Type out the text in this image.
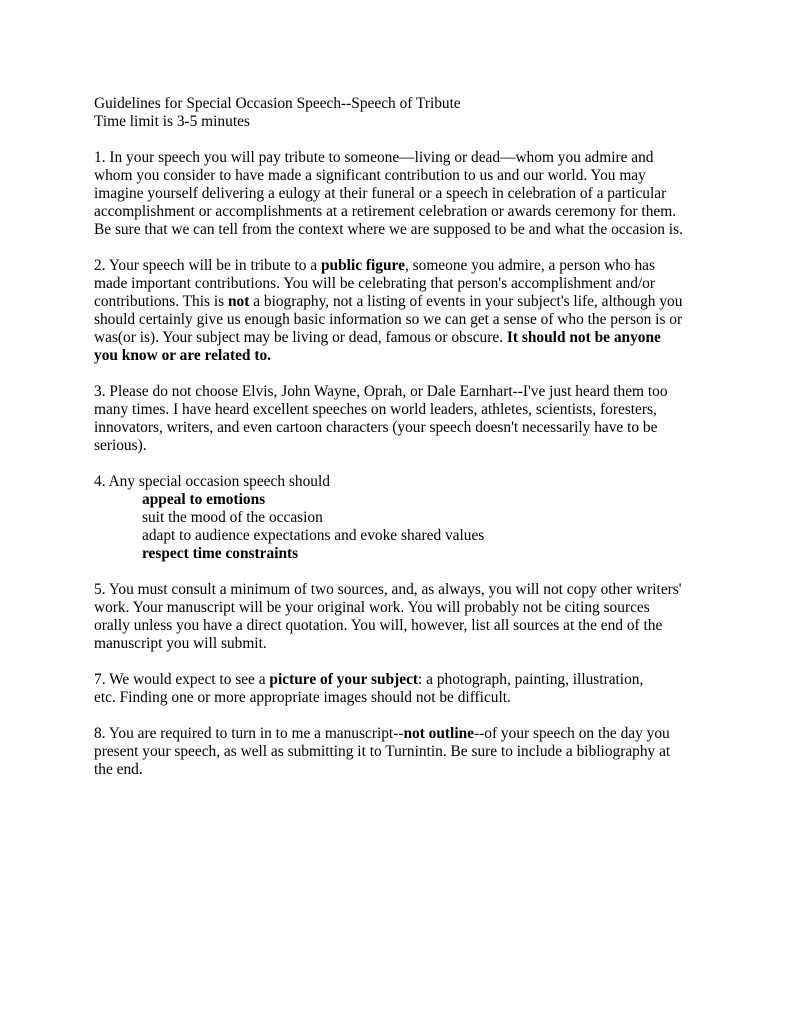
Guidelines for Special Occasion Speech--Speech of Tribute
Time limit is 3-5 minutes
1. In your speech you will pay tribute to someone—living or dead—whom you admire and
whom you consider to have made a significant contribution to us and our world. You may
imagine yourself delivering a eulogy at their funeral or a speech in celebration of a particular
accomplishment or accomplishments at a retirement celebration or awards ceremony for them.
Be sure that we can tell from the context where we are supposed to be and what the occasion is.
2. Your speech will be in tribute to a public figure, someone you admire, a person who has
made important contributions. You will be celebrating that person's accomplishment and/or
contributions. This is not a biography, not a listing of events in your subject's life, although you
should certainly give us enough basic information so we can get a sense of who the person is or
was(or is). Your subject may be living or dead, famous or obscure. It should not be anyone
you know or are related to.
3. Please do not choose Elvis, John Wayne, Oprah, or Dale Earnhart--I've just heard them too
many times. I have heard excellent speeches on world leaders, athletes, scientists, foresters,
innovators, writers, and even cartoon characters (your speech doesn't necessarily have to be
serious).
4. Any special occasion speech should
appeal to emotions
suit the mood of the occasion
adapt to audience expectations and evoke shared values
respect time constraints
5. You must consult a minimum of two sources, and, as always, you will not copy other writers'
work. Your manuscript will be your original work. You will probably not be citing sources
orally unless you have a direct quotation. You will, however, list all sources at the end of the
manuscript you will submit.
7. We would expect to see a picture of your subject: a photograph, painting, illustration,
etc. Finding one or more appropriate images should not be difficult.
8. You are required to turn in to me a manuscript--not outline--of your speech on the day you
present your speech, as well as submitting it to Turnintin. Be sure to include a bibliography at
the end.
